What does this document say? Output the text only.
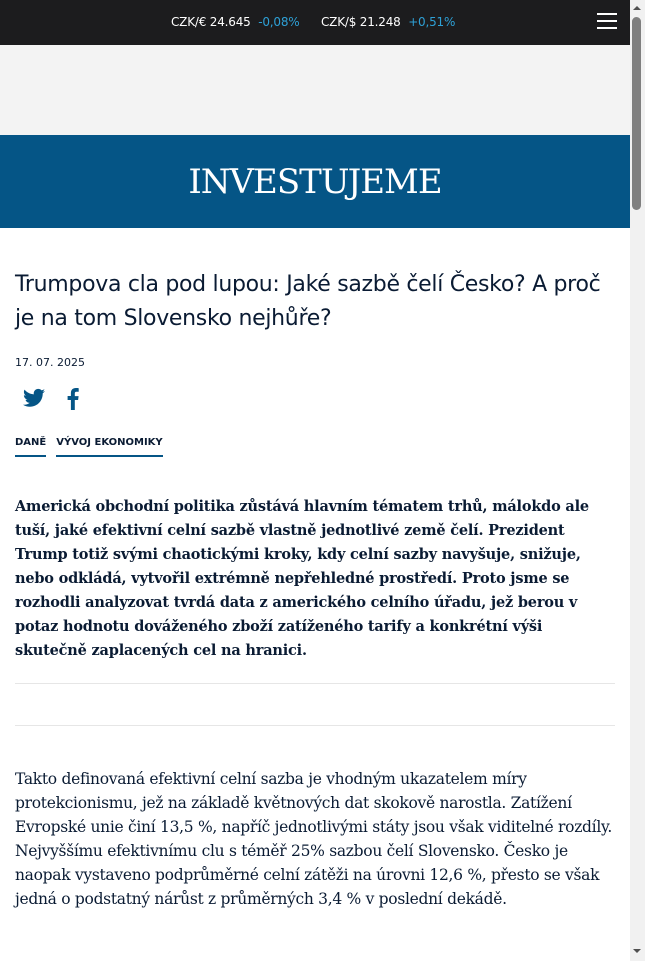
CZK/€ 24.645 -0,08% CZK/$ 21.248 +0,51%
INVESTUJEME
Trumpova cla pod lupou: Jaké sazbě čelí Česko? A proč je na tom Slovensko nejhůře?
17. 07. 2025
DANĚ VÝVOJ EKONOMIKY
Americká obchodní politika zůstává hlavním tématem trhů, málokdo ale tuší, jaké efektivní celní sazbě vlastně jednotlivé země čelí. Prezident Trump totiž svými chaotickými kroky, kdy celní sazby navyšuje, snižuje, nebo odkládá, vytvořil extrémně nepřehledné prostředí. Proto jsme se rozhodli analyzovat tvrdá data z amerického celního úřadu, jež berou v potaz hodnotu dováženého zboží zatíženého tarify a konkrétní výši skutečně zaplacených cel na hranici.
Takto definovaná efektivní celní sazba je vhodným ukazatelem míry protekcionismu, jež na základě květnových dat skokově narostla. Zatížení Evropské unie činí 13,5 %, napříč jednotlivými státy jsou však viditelné rozdíly. Nejvyššímu efektivnímu clu s téměř 25% sazbou čelí Slovensko. Česko je naopak vystaveno podprůměrné celní zátěži na úrovni 12,6 %, přesto se však jedná o podstatný nárůst z průměrných 3,4 % v poslední dekádě.
